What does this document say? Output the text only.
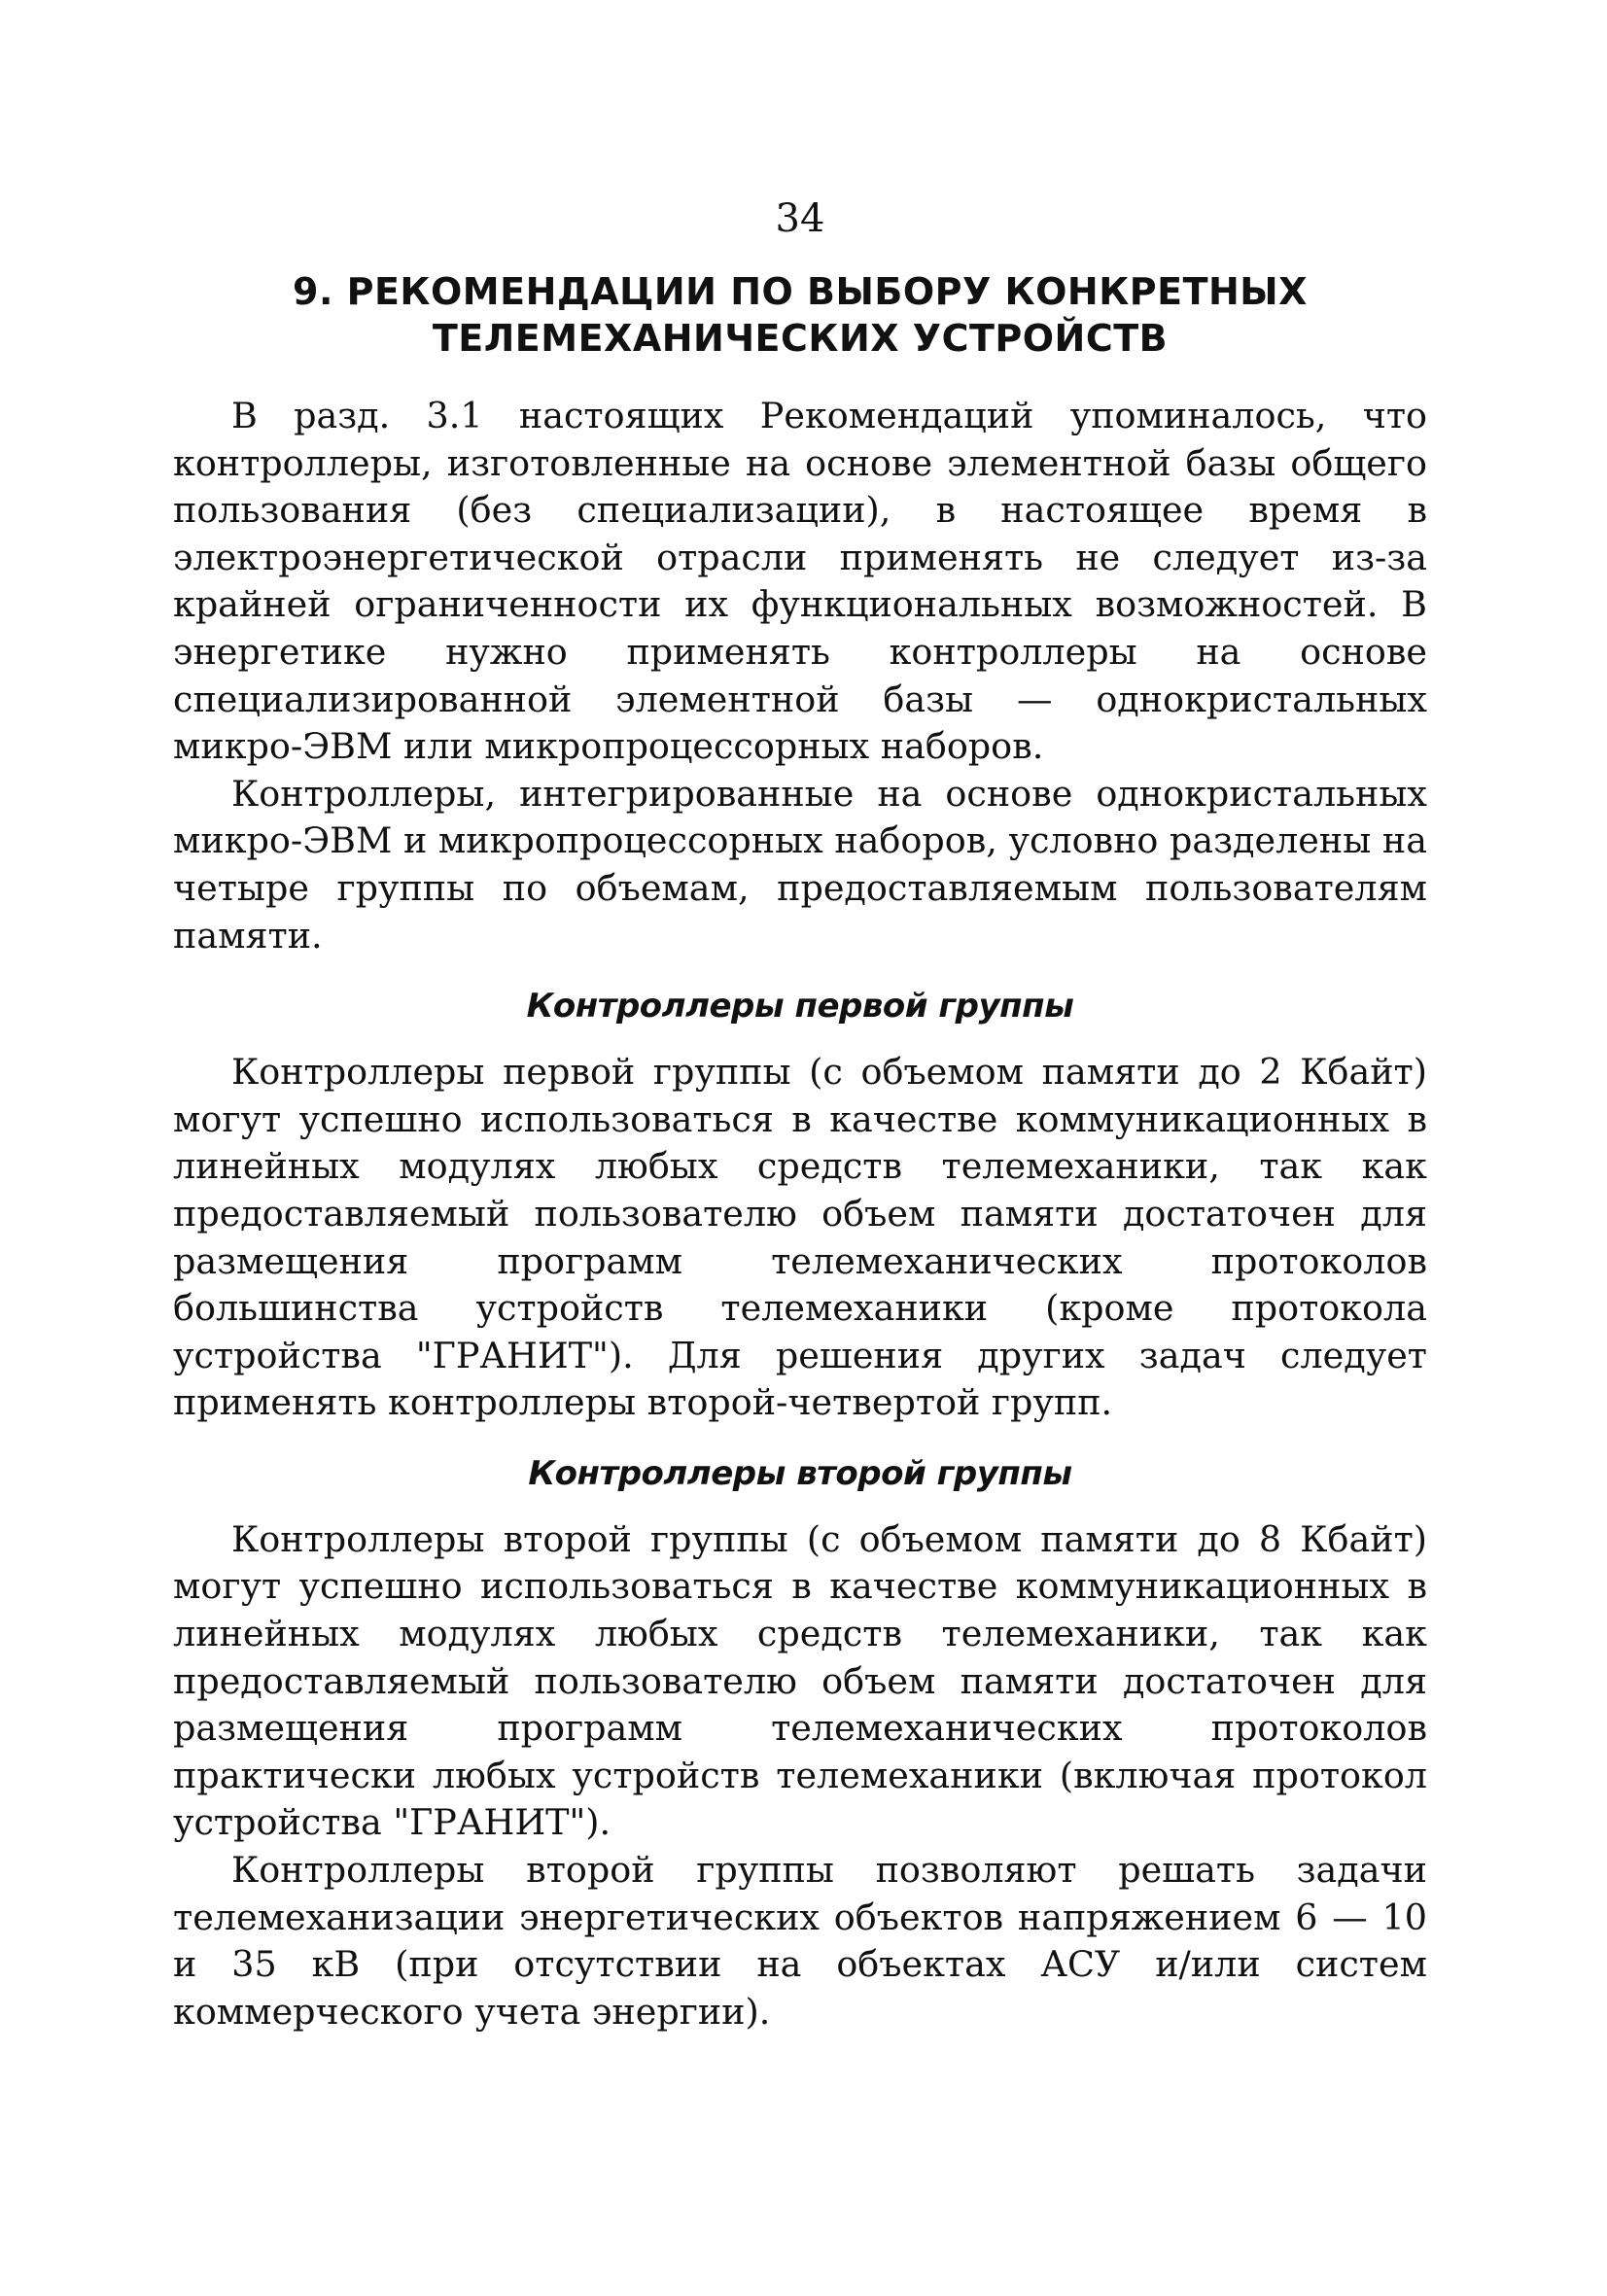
34
9. РЕКОМЕНДАЦИИ ПО ВЫБОРУ КОНКРЕТНЫХ
ТЕЛЕМЕХАНИЧЕСКИХ УСТРОЙСТВ

В разд. 3.1 настоящих Рекомендаций упоминалось, что контроллеры, изготовленные на основе элементной базы общего пользования (без специализации), в настоящее время в электроэнергетической отрасли применять не следует из-за крайней ограниченности их функциональных возможностей. В энергетике нужно применять контроллеры на основе специализированной элементной базы — однокристальных микро-ЭВМ или микропроцессорных наборов.

Контроллеры, интегрированные на основе однокристальных микро-ЭВМ и микропроцессорных наборов, условно разделены на четыре группы по объемам, предоставляемым пользователям памяти.

Контроллеры первой группы

Контроллеры первой группы (с объемом памяти до 2 Кбайт) могут успешно использоваться в качестве коммуникационных в линейных модулях любых средств телемеханики, так как предоставляемый пользователю объем памяти достаточен для размещения программ телемеханических протоколов большинства устройств телемеханики (кроме протокола устройства "ГРАНИТ"). Для решения других задач следует применять контроллеры второй-четвертой групп.

Контроллеры второй группы

Контроллеры второй группы (с объемом памяти до 8 Кбайт) могут успешно использоваться в качестве коммуникационных в линейных модулях любых средств телемеханики, так как предоставляемый пользователю объем памяти достаточен для размещения программ телемеханических протоколов практически любых устройств телемеханики (включая протокол устройства "ГРАНИТ").

Контроллеры второй группы позволяют решать задачи телемеханизации энергетических объектов напряжением 6 — 10 и 35 кВ (при отсутствии на объектах АСУ и/или систем коммерческого учета энергии).
